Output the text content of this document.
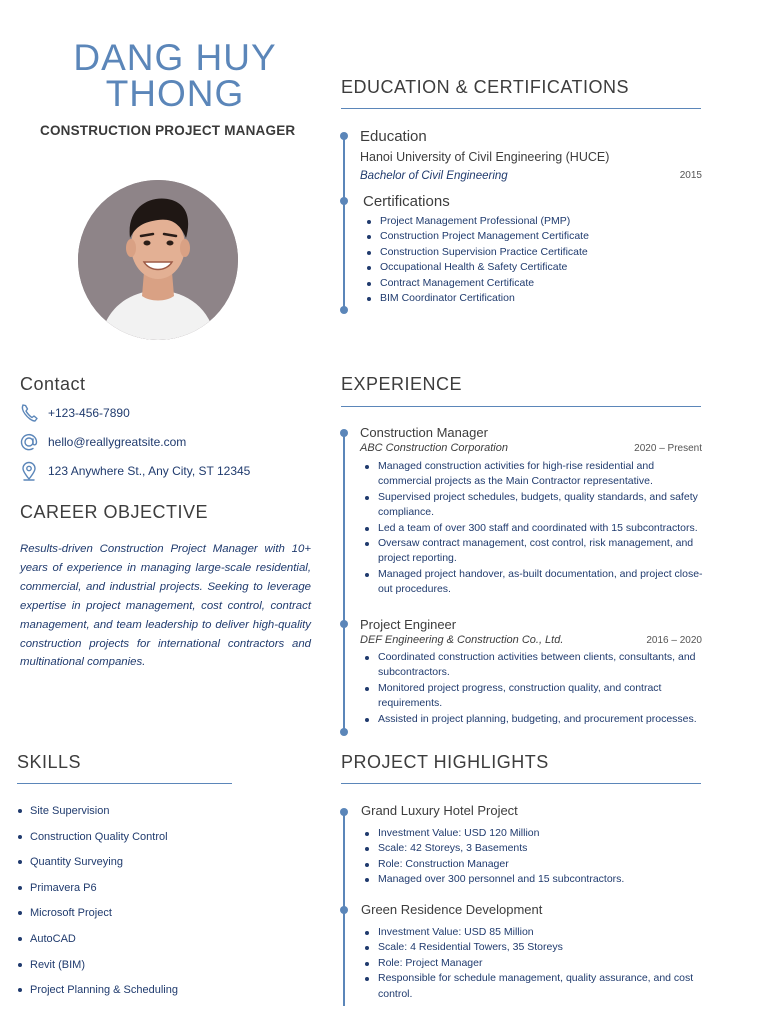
DANG HUY
THONG
CONSTRUCTION PROJECT MANAGER
EDUCATION & CERTIFICATIONS
Education
Hanoi University of Civil Engineering (HUCE)
Bachelor of Civil Engineering	2015
Certifications
Project Management Professional (PMP)
Construction Project Management Certificate
Construction Supervision Practice Certificate
Occupational Health & Safety Certificate
Contract Management Certificate
BIM Coordinator Certification
Contact
+123-456-7890
hello@reallygreatsite.com
123 Anywhere St., Any City, ST 12345
CAREER OBJECTIVE
Results-driven Construction Project Manager with 10+ years of experience in managing large-scale residential, commercial, and industrial projects. Seeking to leverage expertise in project management, cost control, contract management, and team leadership to deliver high-quality construction projects for international contractors and multinational companies.
EXPERIENCE
Construction Manager
ABC Construction Corporation	2020 – Present
Managed construction activities for high-rise residential and commercial projects as the Main Contractor representative.
Supervised project schedules, budgets, quality standards, and safety compliance.
Led a team of over 300 staff and coordinated with 15 subcontractors.
Oversaw contract management, cost control, risk management, and project reporting.
Managed project handover, as-built documentation, and project close-out procedures.
Project Engineer
DEF Engineering & Construction Co., Ltd.	2016 – 2020
Coordinated construction activities between clients, consultants, and subcontractors.
Monitored project progress, construction quality, and contract requirements.
Assisted in project planning, budgeting, and procurement processes.
SKILLS
Site Supervision
Construction Quality Control
Quantity Surveying
Primavera P6
Microsoft Project
AutoCAD
Revit (BIM)
Project Planning & Scheduling
PROJECT HIGHLIGHTS
Grand Luxury Hotel Project
Investment Value: USD 120 Million
Scale: 42 Storeys, 3 Basements
Role: Construction Manager
Managed over 300 personnel and 15 subcontractors.
Green Residence Development
Investment Value: USD 85 Million
Scale: 4 Residential Towers, 35 Storeys
Role: Project Manager
Responsible for schedule management, quality assurance, and cost control.
